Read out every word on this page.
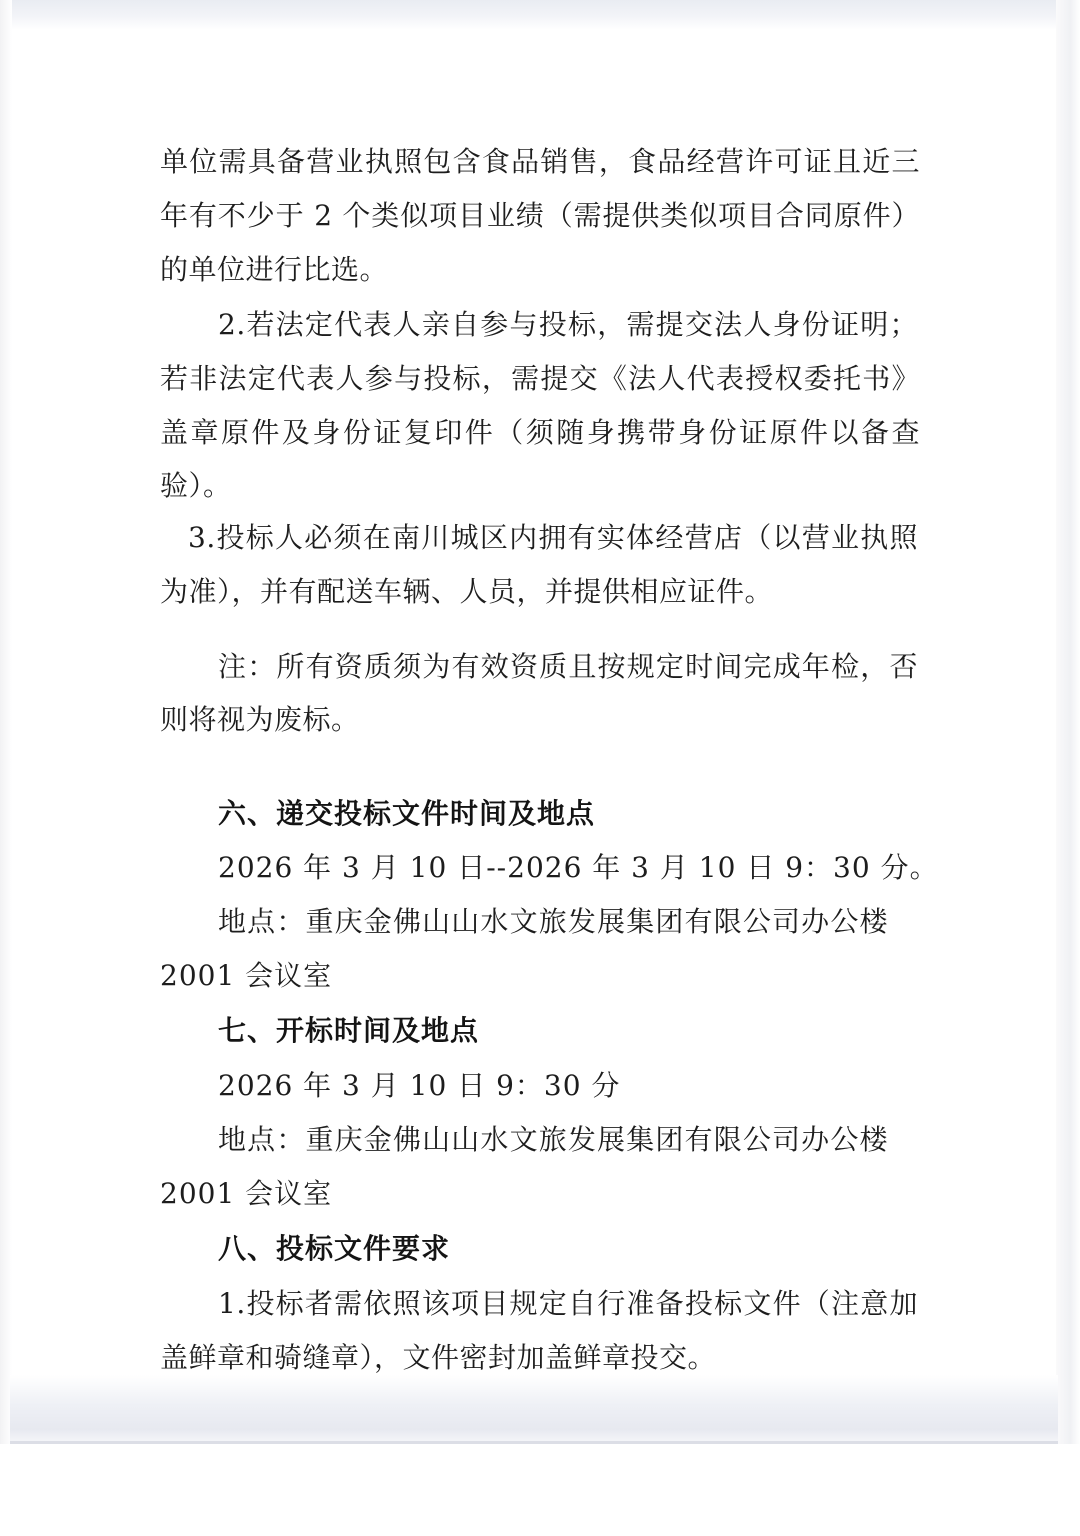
单位需具备营业执照包含食品销售，食品经营许可证且近三

年有不少于 2 个类似项目业绩（需提供类似项目合同原件）

的单位进行比选。

2.若法定代表人亲自参与投标，需提交法人身份证明；

若非法定代表人参与投标，需提交《法人代表授权委托书》

盖章原件及身份证复印件（须随身携带身份证原件以备查

验）。

3.投标人必须在南川城区内拥有实体经营店（以营业执照

为准），并有配送车辆、人员，并提供相应证件。

注：所有资质须为有效资质且按规定时间完成年检，否

则将视为废标。

六、递交投标文件时间及地点

2026 年 3 月 10 日--2026 年 3 月 10 日 9：30 分。

地点：重庆金佛山山水文旅发展集团有限公司办公楼

2001 会议室

七、开标时间及地点

2026 年 3 月 10 日 9：30 分

地点：重庆金佛山山水文旅发展集团有限公司办公楼

2001 会议室

八、投标文件要求

1.投标者需依照该项目规定自行准备投标文件（注意加

盖鲜章和骑缝章），文件密封加盖鲜章投交。
